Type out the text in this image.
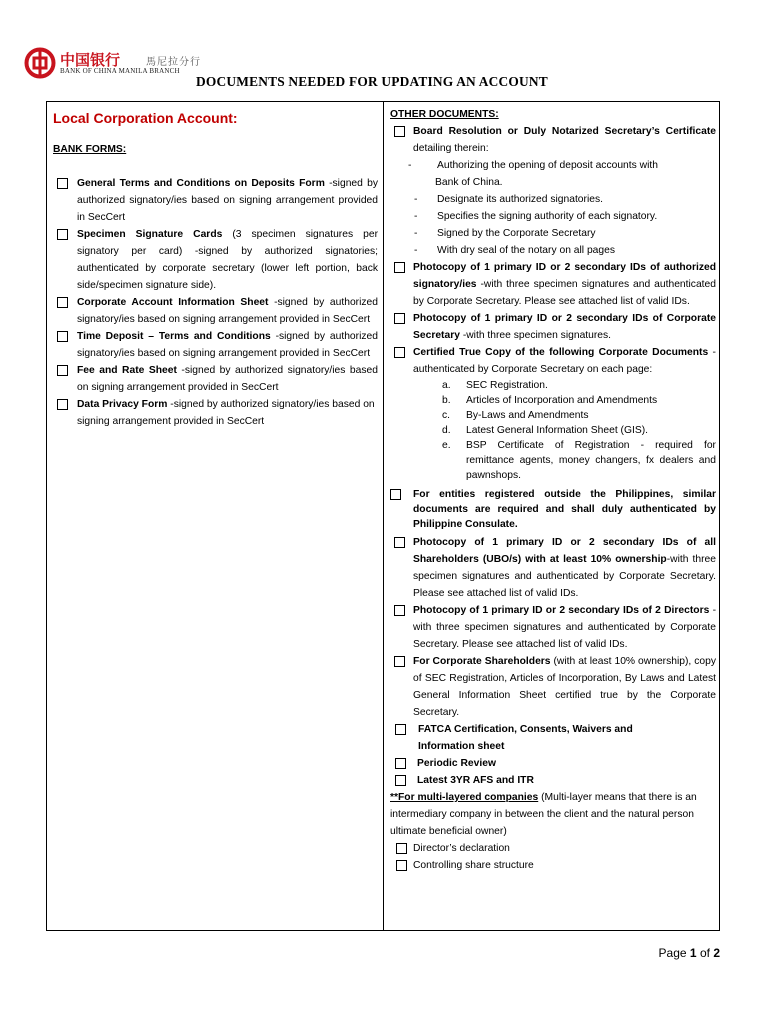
中国银行	馬尼拉分行
BANK OF CHINA MANILA BRANCH
DOCUMENTS NEEDED FOR UPDATING AN ACCOUNT
Local Corporation Account:
BANK FORMS:
General Terms and Conditions on Deposits Form -signed by authorized signatory/ies based on signing arrangement provided in SecCert
Specimen Signature Cards (3 specimen signatures per signatory per card) -signed by authorized signatories; authenticated by corporate secretary (lower left portion, back side/specimen signature side).
Corporate Account Information Sheet -signed by authorized signatory/ies based on signing arrangement provided in SecCert
Time Deposit – Terms and Conditions -signed by authorized signatory/ies based on signing arrangement provided in SecCert
Fee and Rate Sheet -signed by authorized signatory/ies based on signing arrangement provided in SecCert
Data Privacy Form -signed by authorized signatory/ies based on signing arrangement provided in SecCert
OTHER DOCUMENTS:
Board Resolution or Duly Notarized Secretary’s Certificate detailing therein:
- Authorizing the opening of deposit accounts with
Bank of China.
- Designate its authorized signatories.
- Specifies the signing authority of each signatory.
- Signed by the Corporate Secretary
- With dry seal of the notary on all pages
Photocopy of 1 primary ID or 2 secondary IDs of authorized signatory/ies -with three specimen signatures and authenticated by Corporate Secretary. Please see attached list of valid IDs.
Photocopy of 1 primary ID or 2 secondary IDs of Corporate Secretary -with three specimen signatures.
Certified True Copy of the following Corporate Documents - authenticated by Corporate Secretary on each page:
a. SEC Registration.
b. Articles of Incorporation and Amendments
c. By-Laws and Amendments
d. Latest General Information Sheet (GIS).
e. BSP Certificate of Registration - required for remittance agents, money changers, fx dealers and pawnshops.
For entities registered outside the Philippines, similar documents are required and shall duly authenticated by Philippine Consulate.
Photocopy of 1 primary ID or 2 secondary IDs of all Shareholders (UBO/s) with at least 10% ownership-with three specimen signatures and authenticated by Corporate Secretary. Please see attached list of valid IDs.
Photocopy of 1 primary ID or 2 secondary IDs of 2 Directors - with three specimen signatures and authenticated by Corporate Secretary. Please see attached list of valid IDs.
For Corporate Shareholders (with at least 10% ownership), copy of SEC Registration, Articles of Incorporation, By Laws and Latest General Information Sheet certified true by the Corporate Secretary.
FATCA Certification, Consents, Waivers and Information sheet
Periodic Review
Latest 3YR AFS and ITR
**For multi-layered companies (Multi-layer means that there is an intermediary company in between the client and the natural person ultimate beneficial owner)
Director’s declaration
Controlling share structure
Page 1 of 2
